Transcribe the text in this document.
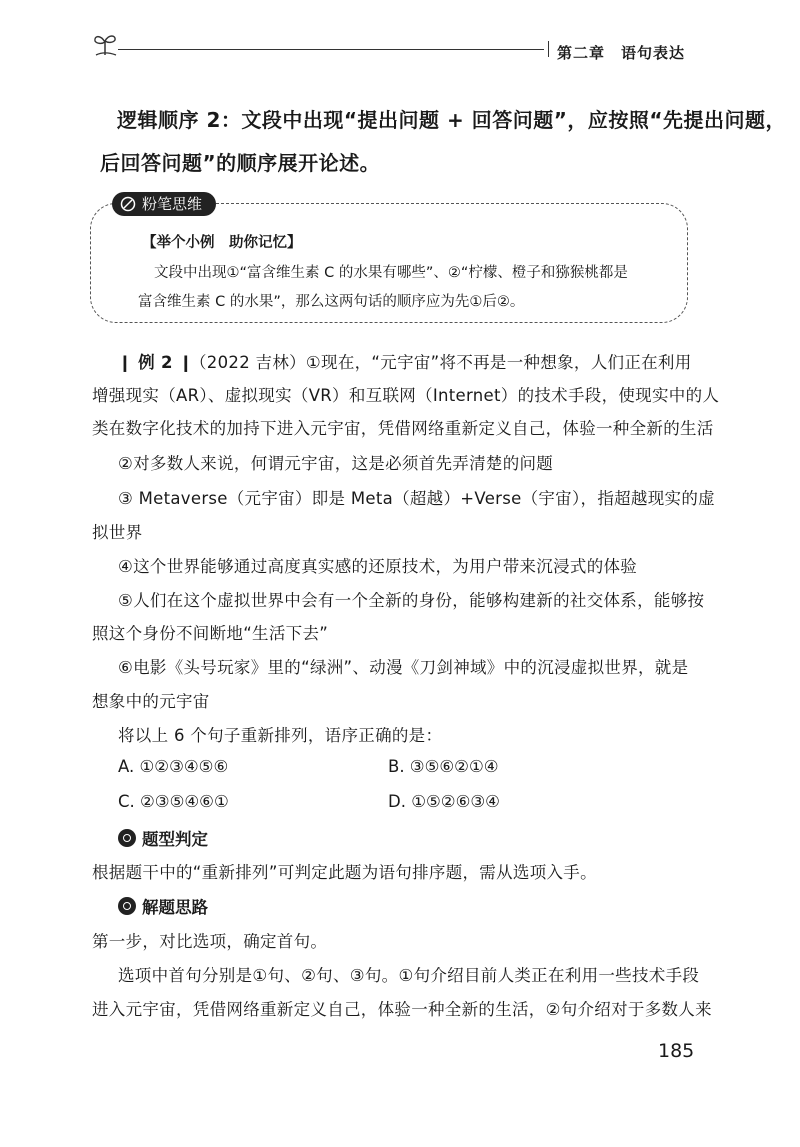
第二章　语句表达

逻辑顺序 2：文段中出现“提出问题 + 回答问题”，应按照“先提出问题，

后回答问题”的顺序展开论述。

粉笔思维

【举个小例　助你记忆】

文段中出现①“富含维生素 C 的水果有哪些”、②“柠檬、橙子和猕猴桃都是

富含维生素 C 的水果”，那么这两句话的顺序应为先①后②。

❙ 例 2 ❙

（2022 吉林）①现在，“元宇宙”将不再是一种想象，人们正在利用

增强现实（AR）、虚拟现实（VR）和互联网（Internet）的技术手段，使现实中的人

类在数字化技术的加持下进入元宇宙，凭借网络重新定义自己，体验一种全新的生活

②对多数人来说，何谓元宇宙，这是必须首先弄清楚的问题

③ Metaverse（元宇宙）即是 Meta（超越）+Verse（宇宙），指超越现实的虚

拟世界

④这个世界能够通过高度真实感的还原技术，为用户带来沉浸式的体验

⑤人们在这个虚拟世界中会有一个全新的身份，能够构建新的社交体系，能够按

照这个身份不间断地“生活下去”

⑥电影《头号玩家》里的“绿洲”、动漫《刀剑神域》中的沉浸虚拟世界，就是

想象中的元宇宙

将以上 6 个句子重新排列，语序正确的是：

A. ①②③④⑤⑥	B. ③⑤⑥②①④

C. ②③⑤④⑥①	D. ①⑤②⑥③④

题型判定

根据题干中的“重新排列”可判定此题为语句排序题，需从选项入手。

解题思路

第一步，对比选项，确定首句。

选项中首句分别是①句、②句、③句。①句介绍目前人类正在利用一些技术手段

进入元宇宙，凭借网络重新定义自己，体验一种全新的生活，②句介绍对于多数人来

185
